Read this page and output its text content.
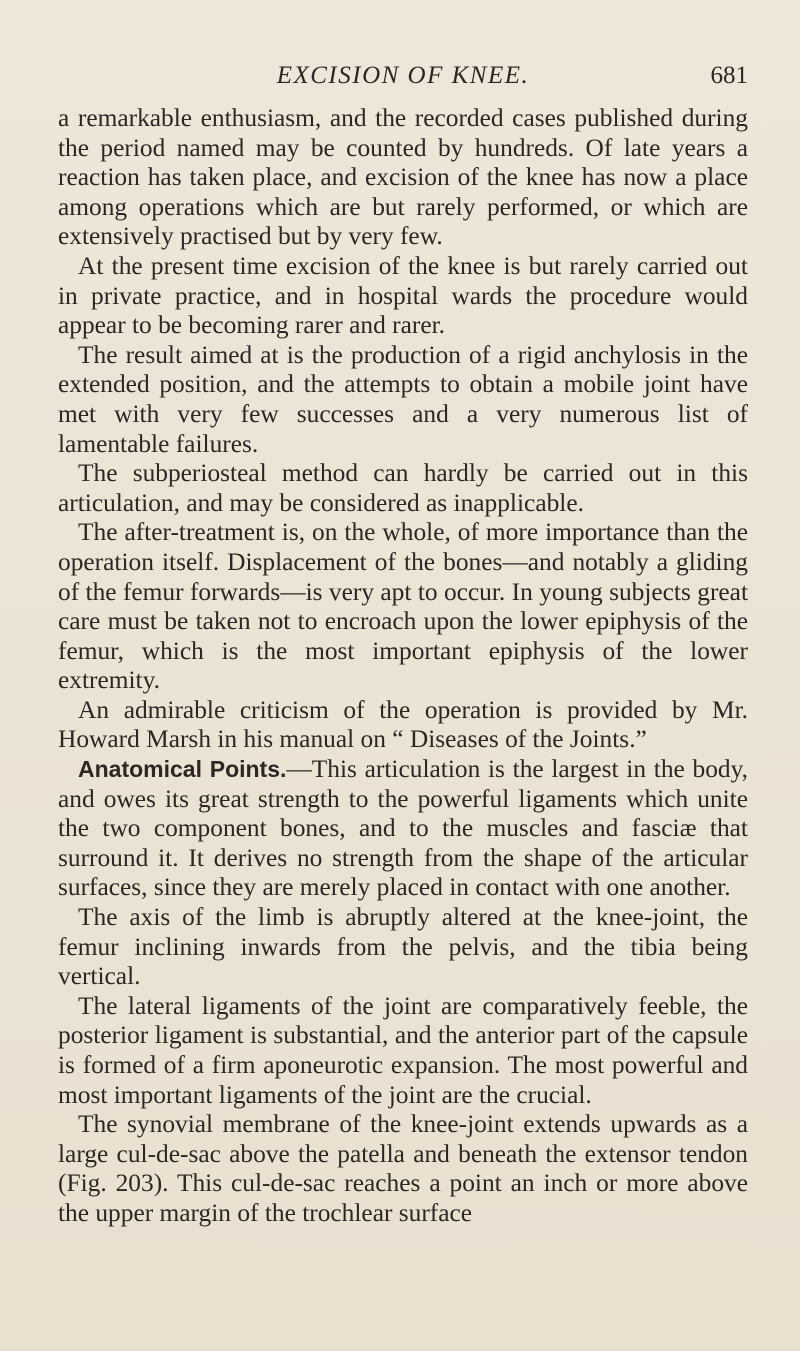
EXCISION OF KNEE.	681

a remarkable enthusiasm, and the recorded cases published during the period named may be counted by hundreds. Of late years a reaction has taken place, and excision of the knee has now a place among operations which are but rarely performed, or which are extensively practised but by very few.

At the present time excision of the knee is but rarely carried out in private practice, and in hospital wards the procedure would appear to be becoming rarer and rarer.

The result aimed at is the production of a rigid anchylosis in the extended position, and the attempts to obtain a mobile joint have met with very few successes and a very numerous list of lamentable failures.

The subperiosteal method can hardly be carried out in this articulation, and may be considered as inapplicable.

The after-treatment is, on the whole, of more importance than the operation itself. Displacement of the bones—and notably a gliding of the femur forwards—is very apt to occur. In young subjects great care must be taken not to encroach upon the lower epiphysis of the femur, which is the most important epiphysis of the lower extremity.

An admirable criticism of the operation is provided by Mr. Howard Marsh in his manual on “ Diseases of the Joints.”

Anatomical Points.—This articulation is the largest in the body, and owes its great strength to the powerful ligaments which unite the two component bones, and to the muscles and fasciæ that surround it. It derives no strength from the shape of the articular surfaces, since they are merely placed in contact with one another.

The axis of the limb is abruptly altered at the knee-joint, the femur inclining inwards from the pelvis, and the tibia being vertical.

The lateral ligaments of the joint are comparatively feeble, the posterior ligament is substantial, and the anterior part of the capsule is formed of a firm aponeurotic expansion. The most powerful and most important ligaments of the joint are the crucial.

The synovial membrane of the knee-joint extends upwards as a large cul-de-sac above the patella and beneath the extensor tendon (Fig. 203). This cul-de-sac reaches a point an inch or more above the upper margin of the trochlear surface
